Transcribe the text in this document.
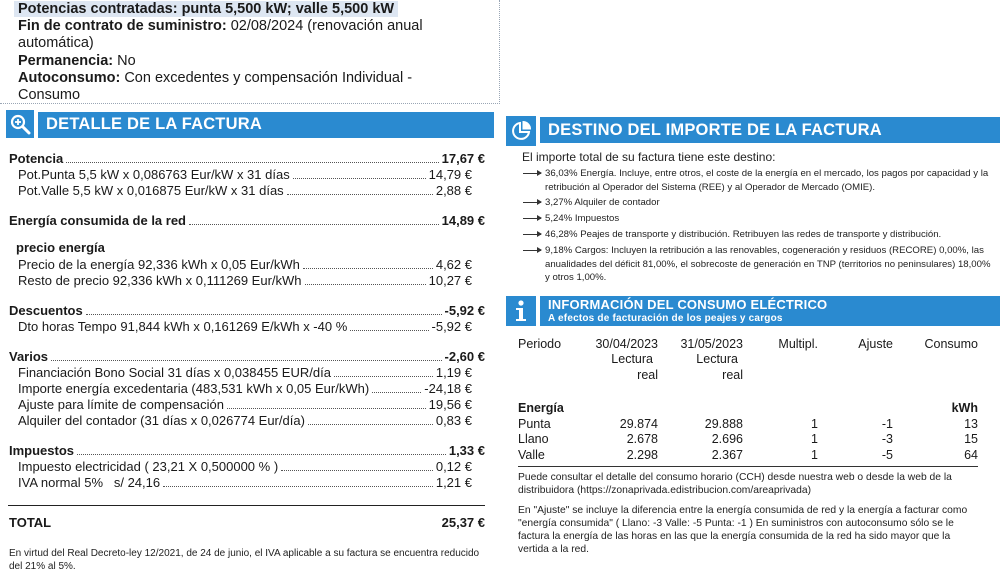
Potencias contratadas: punta 5,500 kW; valle 5,500 kW
Fin de contrato de suministro: 02/08/2024 (renovación anual
automática)
Permanencia: No
Autoconsumo: Con excedentes y compensación Individual -
Consumo
DETALLE DE LA FACTURA
Potencia	17,67 €
Pot.Punta 5,5 kW x 0,086763 Eur/kW x 31 días	14,79 €
Pot.Valle 5,5 kW x 0,016875 Eur/kW x 31 días	2,88 €
Energía consumida de la red	14,89 €
precio energía
Precio de la energía 92,336 kWh x 0,05 Eur/kWh	4,62 €
Resto de precio 92,336 kWh x 0,111269 Eur/kWh	10,27 €
Descuentos	-5,92 €
Dto horas Tempo 91,844 kWh x 0,161269 E/kWh x -40 %	-5,92 €
Varios	-2,60 €
Financiación Bono Social 31 días x 0,038455 EUR/día	1,19 €
Importe energía excedentaria (483,531 kWh x 0,05 Eur/kWh)	-24,18 €
Ajuste para límite de compensación	19,56 €
Alquiler del contador (31 días x 0,026774 Eur/día)	0,83 €
Impuestos	1,33 €
Impuesto electricidad ( 23,21 X 0,500000 % )	0,12 €
IVA normal 5%   s/ 24,16	1,21 €
TOTAL	25,37 €
En virtud del Real Decreto-ley 12/2021, de 24 de junio, el IVA aplicable a su factura se encuentra reducido del 21% al 5%.
DESTINO DEL IMPORTE DE LA FACTURA
El importe total de su factura tiene este destino:
36,03% Energía. Incluye, entre otros, el coste de la energía en el mercado, los pagos por capacidad y la retribución al Operador del Sistema (REE) y al Operador de Mercado (OMIE).
3,27% Alquiler de contador
5,24% Impuestos
46,28% Peajes de transporte y distribución. Retribuyen las redes de transporte y distribución.
9,18% Cargos: Incluyen la retribución a las renovables, cogeneración y residuos (RECORE) 0,00%, las anualidades del déficit 81,00%, el sobrecoste de generación en TNP (territorios no peninsulares) 18,00% y otros 1,00%.
INFORMACIÓN DEL CONSUMO ELÉCTRICO
A efectos de facturación de los peajes y cargos
Periodo	30/04/2023	31/05/2023	Multipl.	Ajuste	Consumo
	Lectura	Lectura			
	real	real			

Energía					kWh
Punta	29.874	29.888	1	-1	13
Llano	2.678	2.696	1	-3	15
Valle	2.298	2.367	1	-5	64
Puede consultar el detalle del consumo horario (CCH) desde nuestra web o desde la web de la distribuidora (https://zonaprivada.edistribucion.com/areaprivada)
En "Ajuste" se incluye la diferencia entre la energía consumida de red y la energía a facturar como "energía consumida" ( Llano: -3 Valle: -5 Punta: -1 ) En suministros con autoconsumo sólo se le factura la energía de las horas en las que la energía consumida de la red ha sido mayor que la vertida a la red.
